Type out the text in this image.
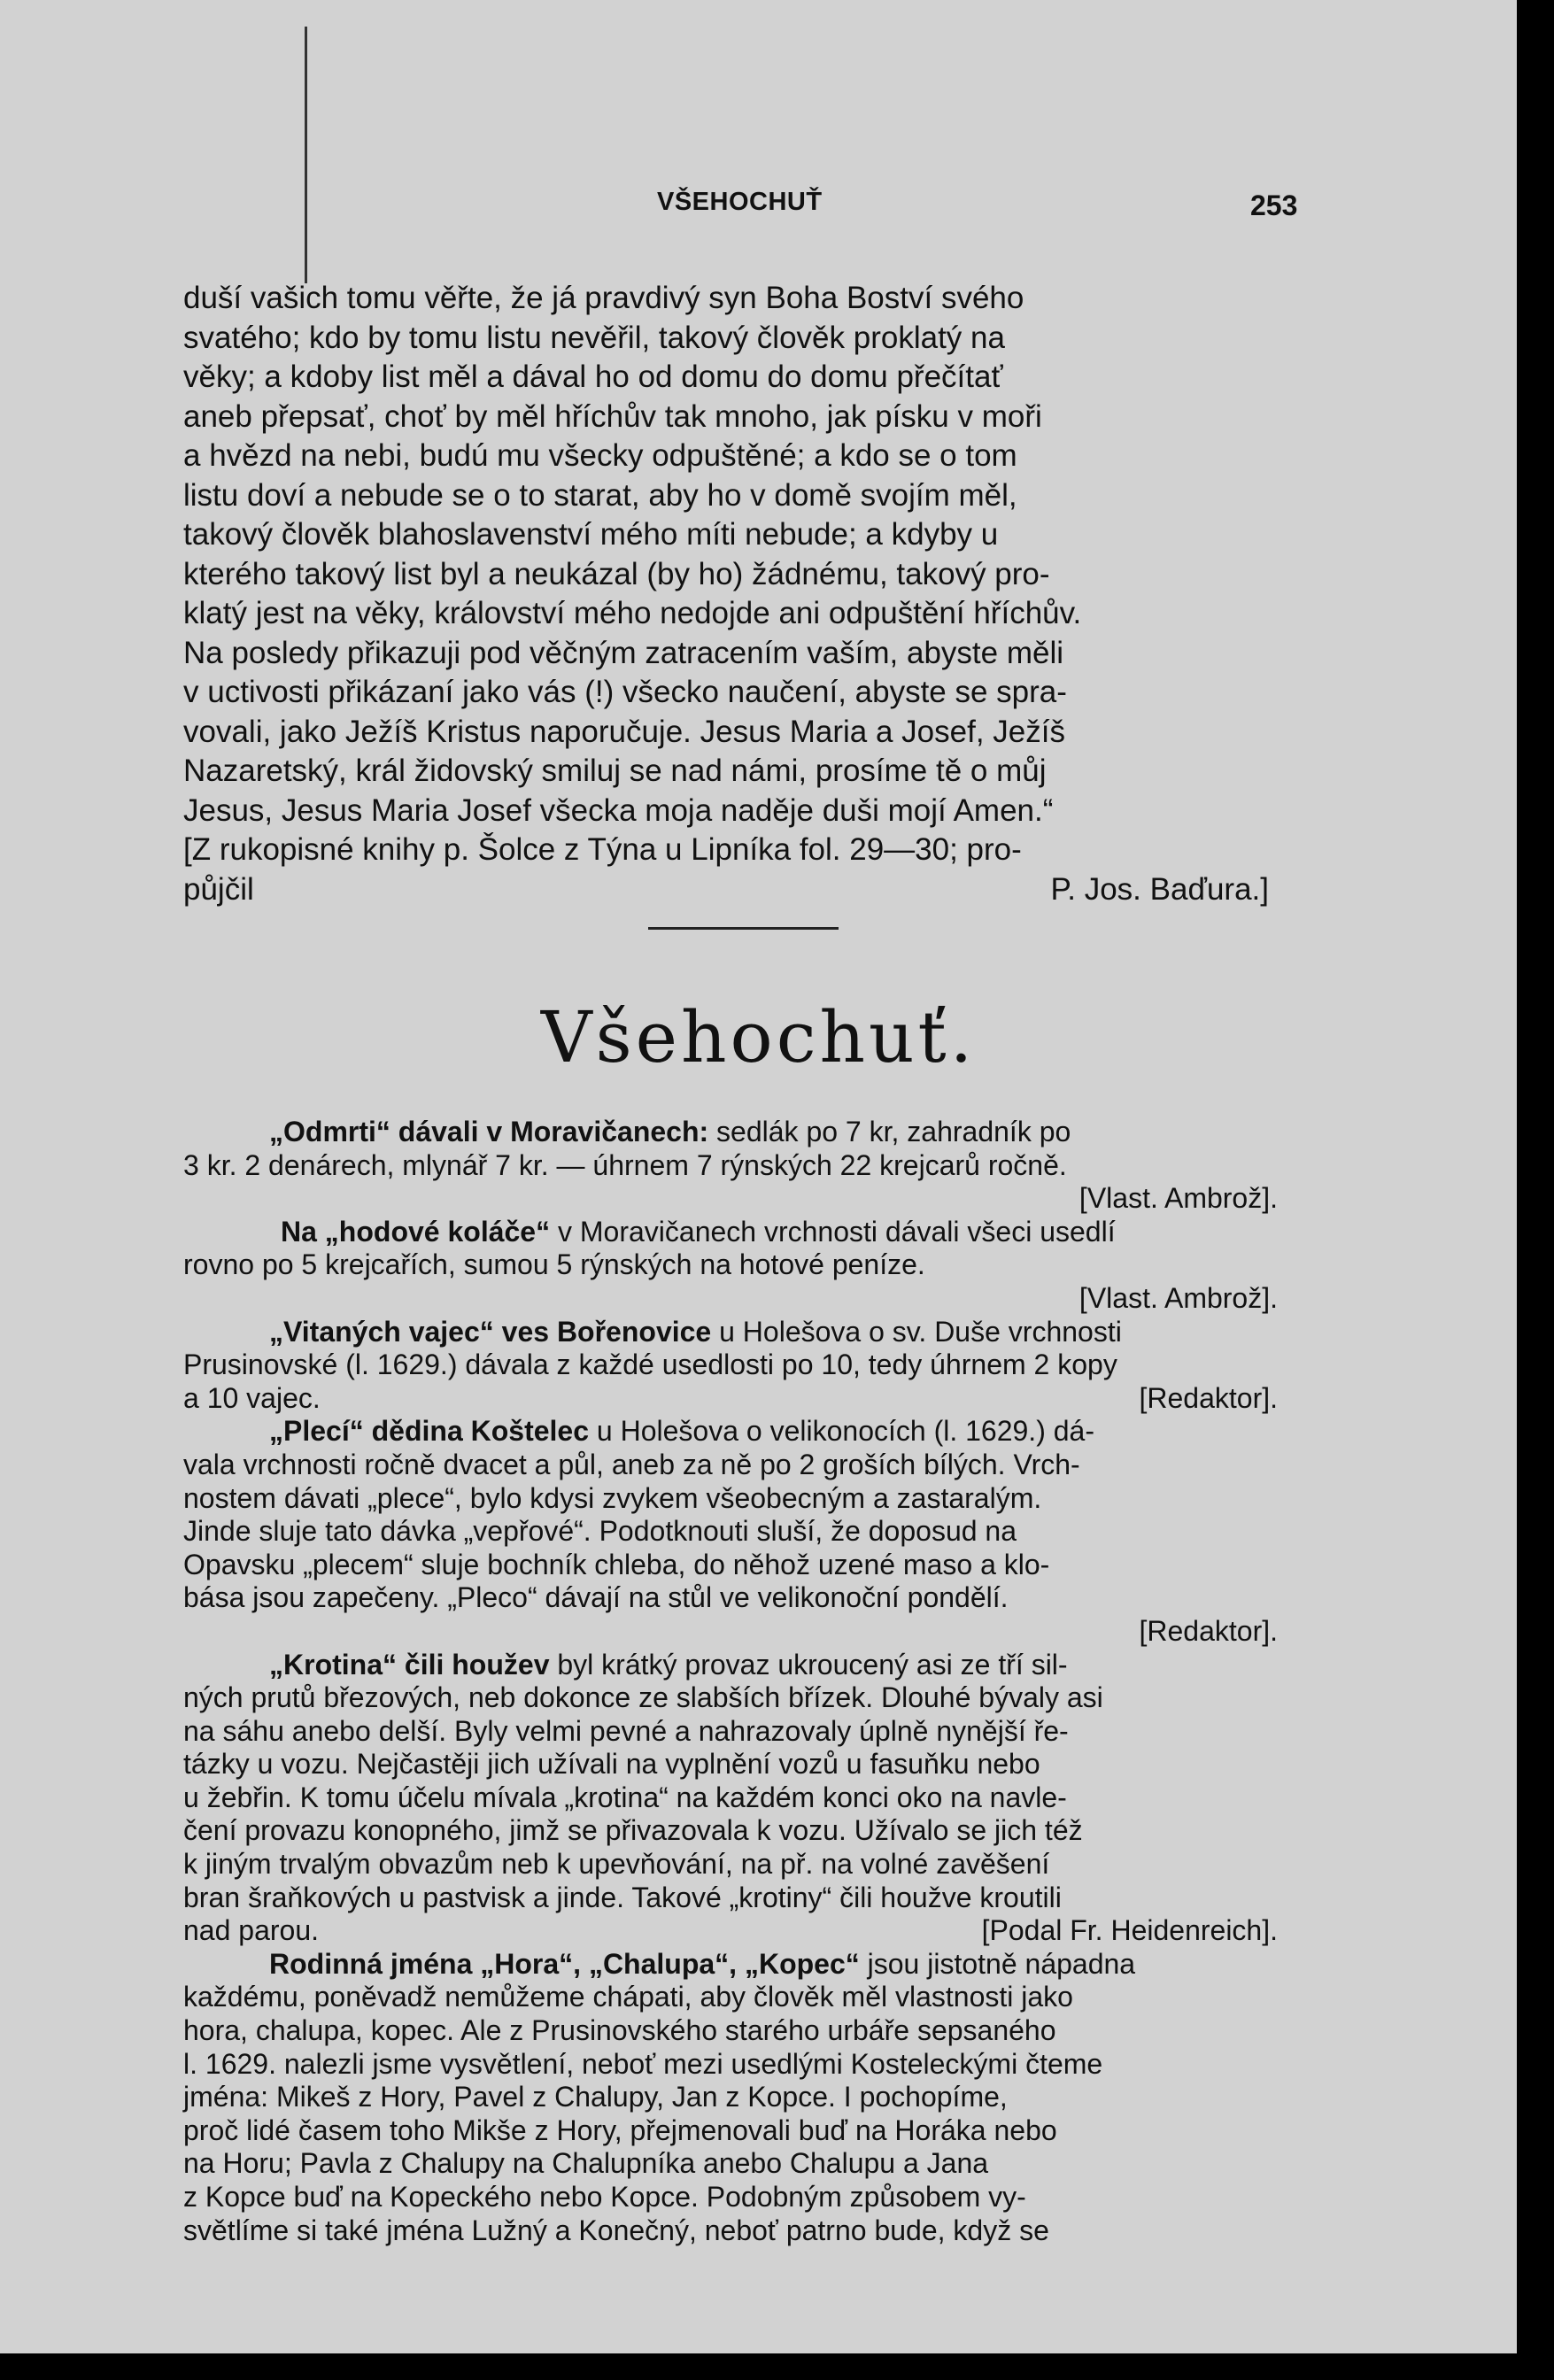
VŠEHOCHUŤ	253
duší vašich tomu věřte, že já pravdivý syn Boha Boství svého
svatého; kdo by tomu listu nevěřil, takový člověk proklatý na
věky; a kdoby list měl a dával ho od domu do domu přečítať
aneb přepsať, choť by měl hříchův tak mnoho, jak písku v moři
a hvězd na nebi, budú mu všecky odpuštěné; a kdo se o tom
listu doví a nebude se o to starat, aby ho v domě svojím měl,
takový člověk blahoslavenství mého míti nebude; a kdyby u
kterého takový list byl a neukázal (by ho) žádnému, takový pro-
klatý jest na věky, království mého nedojde ani odpuštění hříchův.
Na posledy přikazuji pod věčným zatracením vaším, abyste měli
v uctivosti přikázaní jako vás (!) všecko naučení, abyste se spra-
vovali, jako Ježíš Kristus naporučuje. Jesus Maria a Josef, Ježíš
Nazaretský, král židovský smiluj se nad námi, prosíme tě o můj
Jesus, Jesus Maria Josef všecka moja naděje duši mojí Amen.“
[Z rukopisné knihy p. Šolce z Týna u Lipníka fol. 29—30; pro-
půjčil	P. Jos. Baďura.]
Všehochuť.
„Odmrti“ dávali v Moravičanech: sedlák po 7 kr, zahradník po
3 kr. 2 denárech, mlynář 7 kr. — úhrnem 7 rýnských 22 krejcarů ročně.
[Vlast. Ambrož].
Na „hodové koláče“ v Moravičanech vrchnosti dávali všeci usedlí
rovno po 5 krejcařích, sumou 5 rýnských na hotové peníze.
[Vlast. Ambrož].
„Vitaných vajec“ ves Bořenovice u Holešova o sv. Duše vrchnosti
Prusinovské (l. 1629.) dávala z každé usedlosti po 10, tedy úhrnem 2 kopy
a 10 vajec.	[Redaktor].
„Plecí“ dědina Koštelec u Holešova o velikonocích (l. 1629.) dá-
vala vrchnosti ročně dvacet a půl, aneb za ně po 2 groších bílých. Vrch-
nostem dávati „plece“, bylo kdysi zvykem všeobecným a zastaralým.
Jinde sluje tato dávka „vepřové“. Podotknouti sluší, že doposud na
Opavsku „plecem“ sluje bochník chleba, do něhož uzené maso a klo-
básа jsou zapečeny. „Pleco“ dávají na stůl ve velikonoční pondělí.
[Redaktor].
„Krotina“ čili houžev byl krátký provaz ukroucený asi ze tří sil-
ných prutů březových, neb dokonce ze slabších břízek. Dlouhé bývaly asi
na sáhu anebo delší. Byly velmi pevné a nahrazovaly úplně nynější ře-
tázky u vozu. Nejčastěji jich užívali na vyplnění vozů u fasuňku nebo
u žebřin. K tomu účelu mívala „krotina“ na každém konci oko na navle-
čení provazu konopného, jimž se přivazovala k vozu. Užívalo se jich též
k jiným trvalým obvazům neb k upevňování, na př. na volné zavěšení
bran šraňkových u pastvisk a jinde. Takové „krotiny“ čili houžve kroutili
nad parou.	[Podal Fr. Heidenreich].
Rodinná jména „Hora“, „Chalupa“, „Kopec“ jsou jistotně nápadna
každému, poněvadž nemůžeme chápati, aby člověk měl vlastnosti jako
hora, chalupa, kopec. Ale z Prusinovského starého urbáře sepsaného
l. 1629. nalezli jsme vysvětlení, neboť mezi usedlými Kosteleckými čteme
jména: Mikeš z Hory, Pavel z Chalupy, Jan z Kopce. I pochopíme,
proč lidé časem toho Mikše z Hory, přejmenovali buď na Horáka nebo
na Horu; Pavla z Chalupy na Chalupníka anebo Chalupu a Jana
z Kopce buď na Kopeckého nebo Kopce. Podobným způsobem vy-
světlíme si také jména Lužný a Konečný, neboť patrno bude, když se
